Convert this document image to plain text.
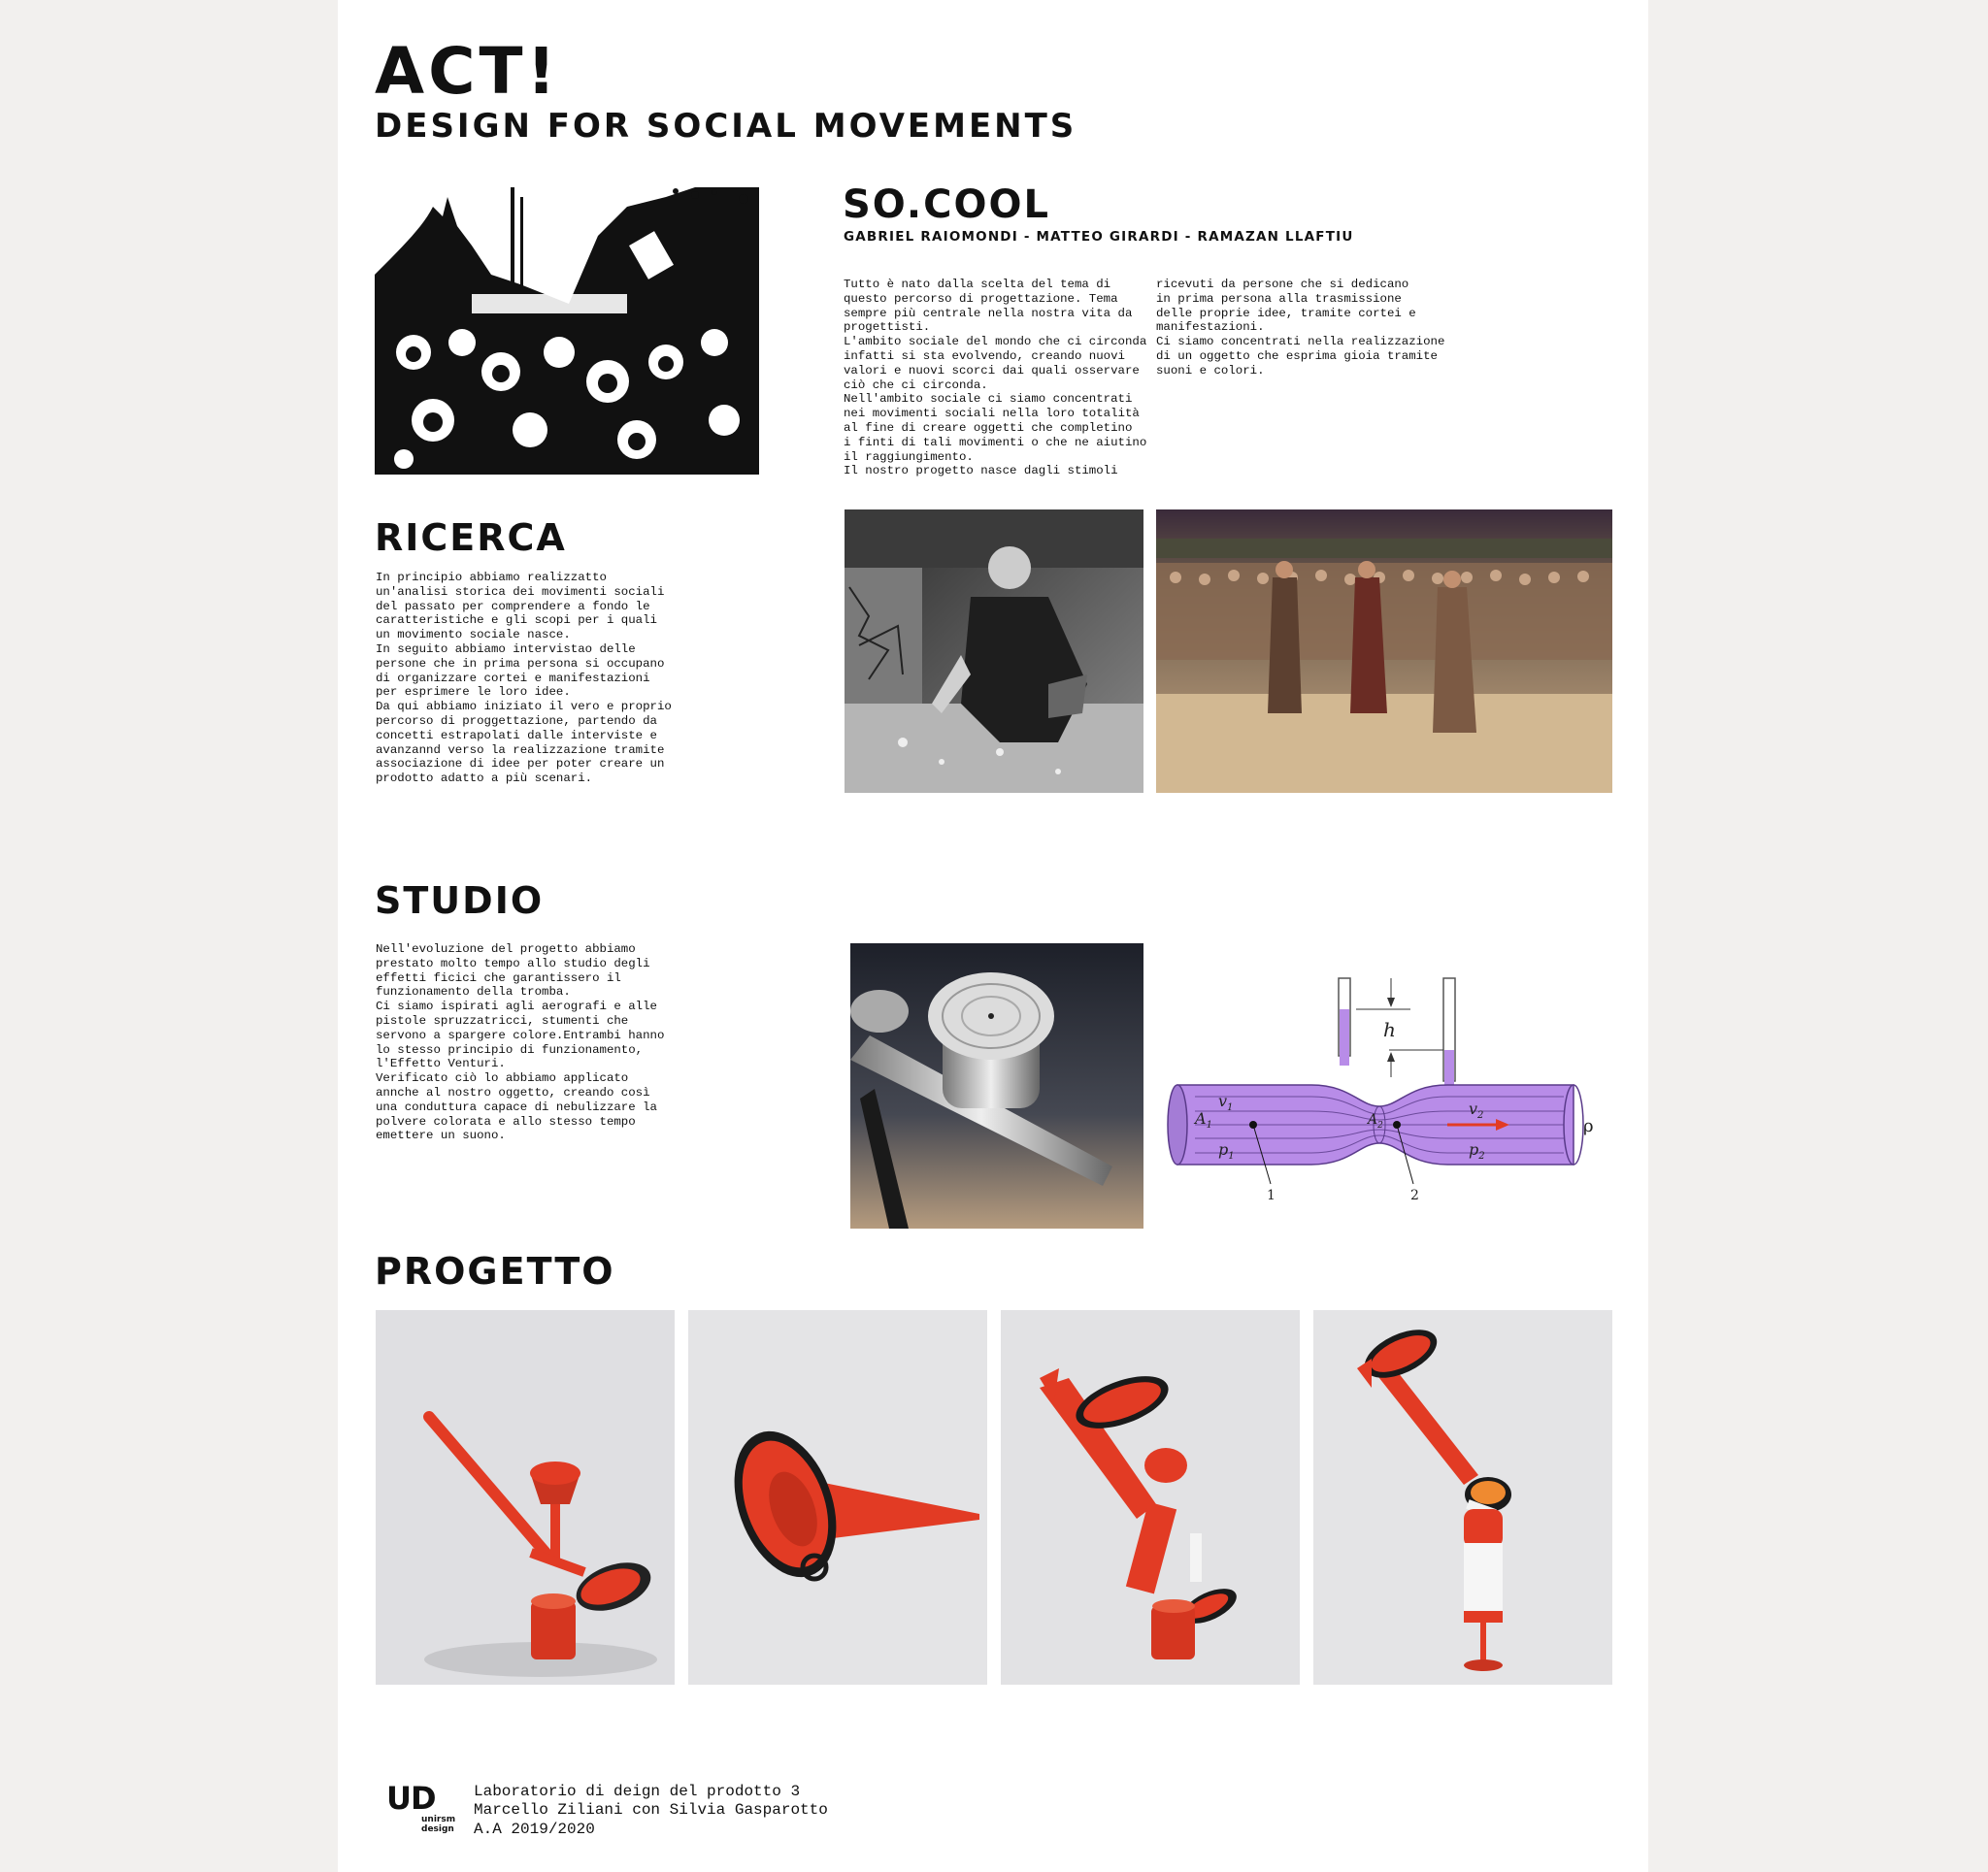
ACT!
DESIGN FOR SOCIAL MOVEMENTS
SO.COOL
GABRIEL RAIOMONDI - MATTEO GIRARDI - RAMAZAN LLAFTIU
Tutto è nato dalla scelta del tema di
questo percorso di progettazione. Tema
sempre più centrale nella nostra vita da
progettisti.
L'ambito sociale del mondo che ci circonda
infatti si sta evolvendo, creando nuovi
valori e nuovi scorci dai quali osservare
ciò che ci circonda.
Nell'ambito sociale ci siamo concentrati
nei movimenti sociali nella loro totalità
al fine di creare oggetti che completino
i finti di tali movimenti o che ne aiutino
il raggiungimento.
Il nostro progetto nasce dagli stimoli
ricevuti da persone che si dedicano
in prima persona alla trasmissione
delle proprie idee, tramite cortei e
manifestazioni.
Ci siamo concentrati nella realizzazione
di un oggetto che esprima gioia tramite
suoni e colori.
RICERCA
In principio abbiamo realizzatto
un'analisi storica dei movimenti sociali
del passato per comprendere a fondo le
caratteristiche e gli scopi per i quali
un movimento sociale nasce.
In seguito abbiamo intervistao delle
persone che in prima persona si occupano
di organizzare cortei e manifestazioni
per esprimere le loro idee.
Da qui abbiamo iniziato il vero e proprio
percorso di proggettazione, partendo da
concetti estrapolati dalle interviste e
avanzannd verso la realizzazione tramite
associazione di idee per poter creare un
prodotto adatto a più scenari.
STUDIO
Nell'evoluzione del progetto abbiamo
prestato molto tempo allo studio degli
effetti ficici che garantissero il
funzionamento della tromba.
Ci siamo ispirati agli aerografi e alle
pistole spruzzatricci, stumenti che
servono a spargere colore.Entrambi hanno
lo stesso principio di funzionamento,
l'Effetto Venturi.
Verificato ciò lo abbiamo applicato
annche al nostro oggetto, creando così
una conduttura capace di nebulizzare la
polvere colorata e allo stesso tempo
emettere un suono.
h
$A_1$
$v_1$
$p_1$
$A_2$
$v_2$
$p_2$
ρ
1	2
PROGETTO
UD
unirsm
design
Laboratorio di deign del prodotto 3
Marcello Ziliani con Silvia Gasparotto
A.A 2019/2020
